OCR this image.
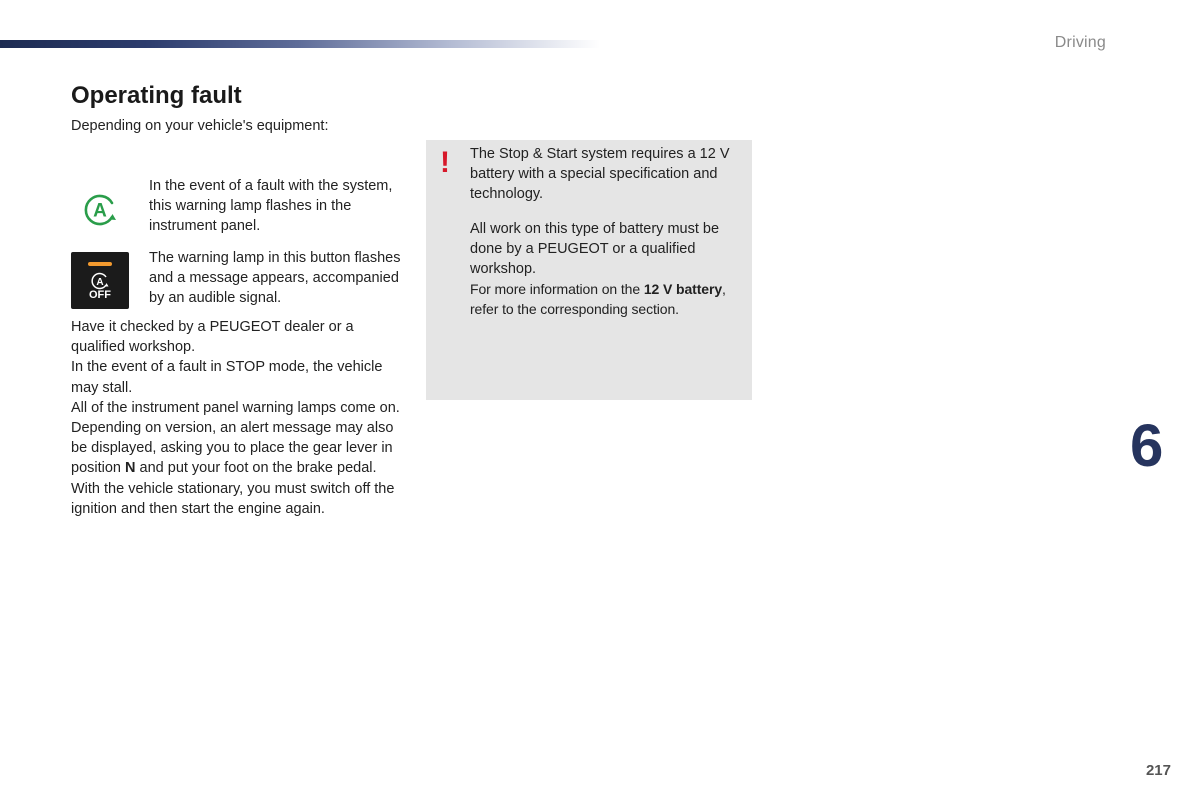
Driving
Operating fault

Depending on your vehicle's equipment:

A

In the event of a fault with the system, this warning lamp flashes in the instrument panel.

A
OFF

The warning lamp in this button flashes and a message appears, accompanied by an audible signal.

Have it checked by a PEUGEOT dealer or a qualified workshop.
In the event of a fault in STOP mode, the vehicle may stall.
All of the instrument panel warning lamps come on.
Depending on version, an alert message may also be displayed, asking you to place the gear lever in position N and put your foot on the brake pedal.
With the vehicle stationary, you must switch off the ignition and then start the engine again.

! The Stop & Start system requires a 12 V battery with a special specification and technology.

All work on this type of battery must be done by a PEUGEOT or a qualified workshop.

For more information on the 12 V battery, refer to the corresponding section.

6
217
